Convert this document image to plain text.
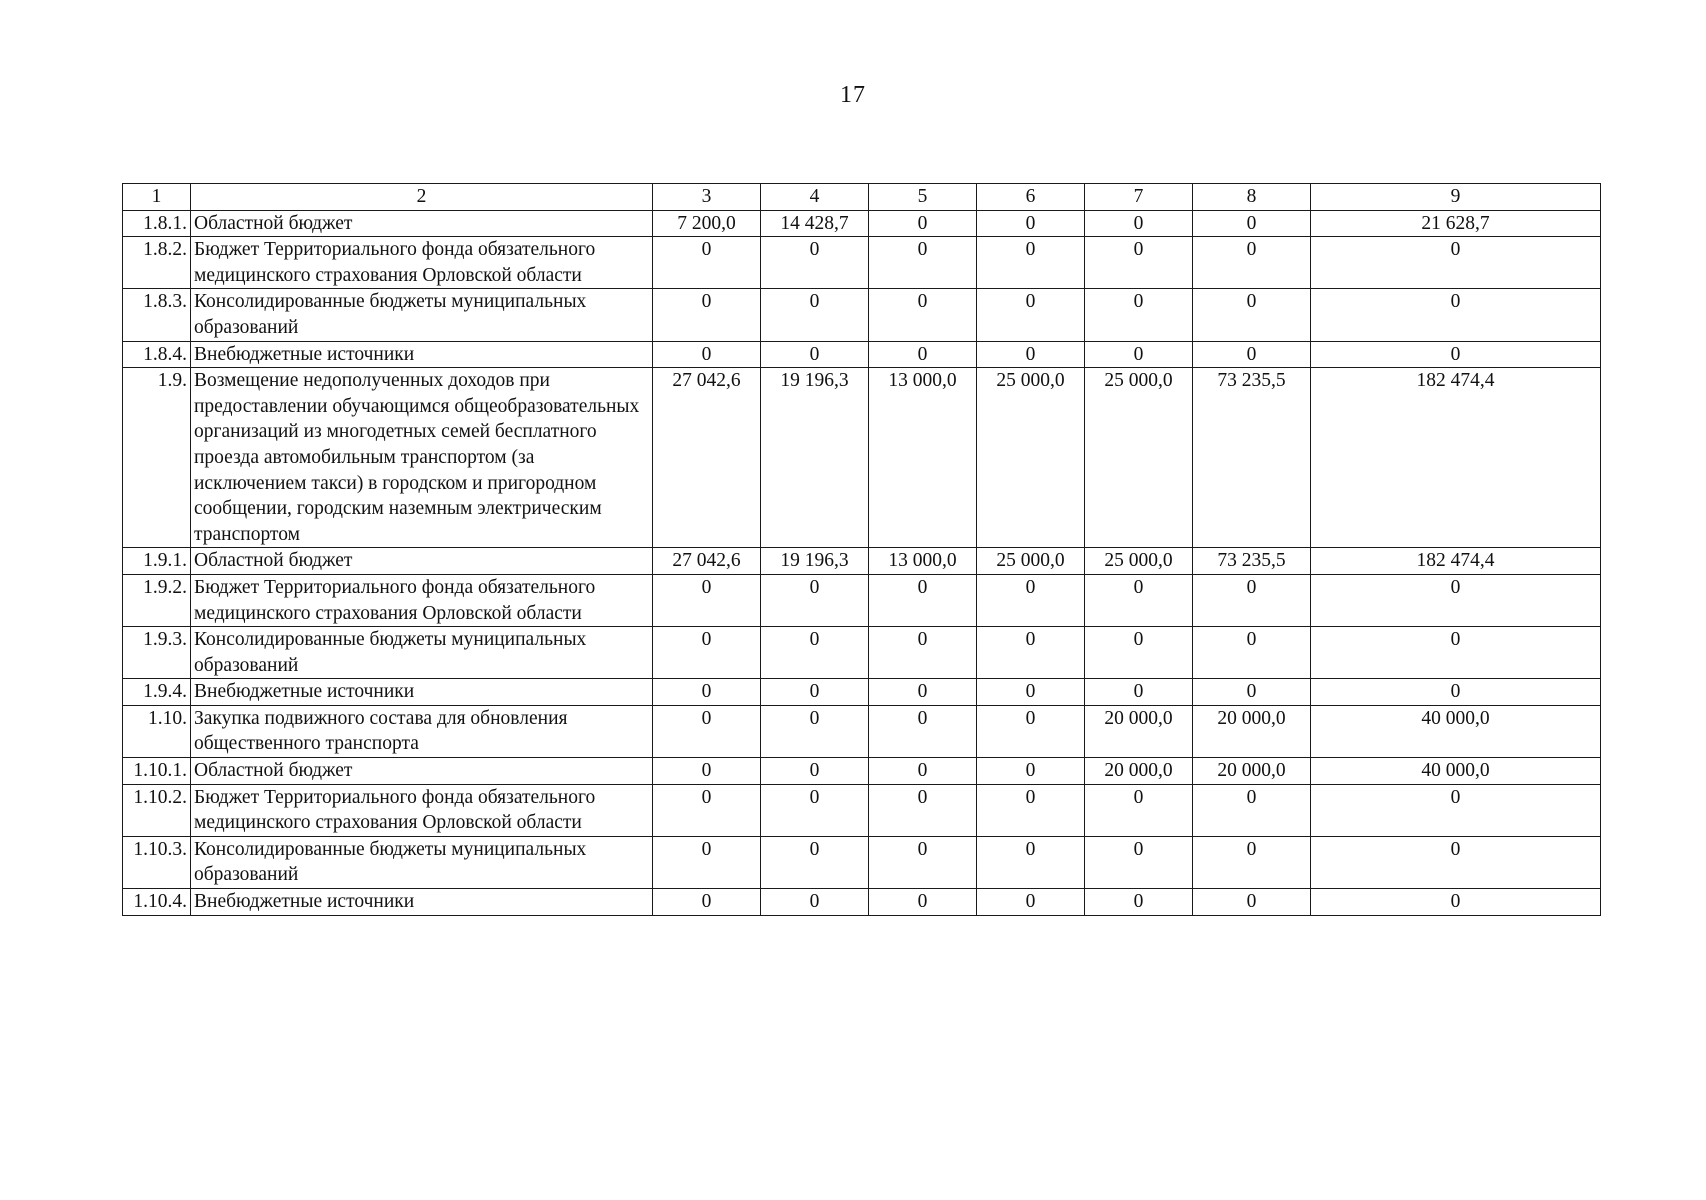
17
1	2	3	4	5	6	7	8	9
1.8.1.	Областной бюджет	7 200,0	14 428,7	0	0	0	0	21 628,7
1.8.2.	Бюджет Территориального фонда обязательного медицинского страхования Орловской области	0	0	0	0	0	0	0
1.8.3.	Консолидированные бюджеты муниципальных образований	0	0	0	0	0	0	0
1.8.4.	Внебюджетные источники	0	0	0	0	0	0	0
1.9.	Возмещение недополученных доходов при предоставлении обучающимся общеобразовательных организаций из многодетных семей бесплатного проезда автомобильным транспортом (за исключением такси) в городском и пригородном сообщении, городским наземным электрическим транспортом	27 042,6	19 196,3	13 000,0	25 000,0	25 000,0	73 235,5	182 474,4
1.9.1.	Областной бюджет	27 042,6	19 196,3	13 000,0	25 000,0	25 000,0	73 235,5	182 474,4
1.9.2.	Бюджет Территориального фонда обязательного медицинского страхования Орловской области	0	0	0	0	0	0	0
1.9.3.	Консолидированные бюджеты муниципальных образований	0	0	0	0	0	0	0
1.9.4.	Внебюджетные источники	0	0	0	0	0	0	0
1.10.	Закупка подвижного состава для обновления общественного транспорта	0	0	0	0	20 000,0	20 000,0	40 000,0
1.10.1.	Областной бюджет	0	0	0	0	20 000,0	20 000,0	40 000,0
1.10.2.	Бюджет Территориального фонда обязательного медицинского страхования Орловской области	0	0	0	0	0	0	0
1.10.3.	Консолидированные бюджеты муниципальных образований	0	0	0	0	0	0	0
1.10.4.	Внебюджетные источники	0	0	0	0	0	0	0
